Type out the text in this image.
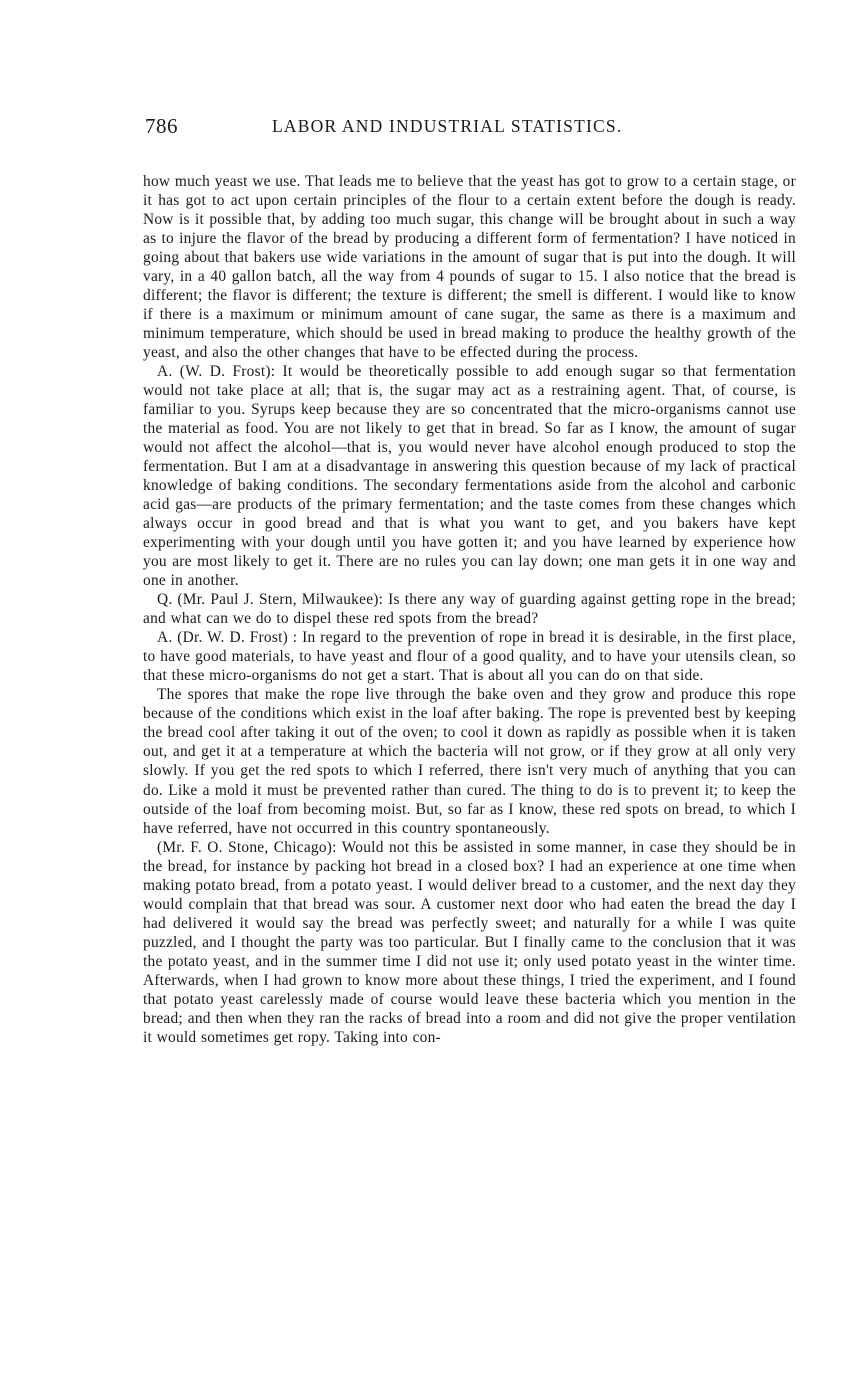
786	LABOR AND INDUSTRIAL STATISTICS.

how much yeast we use. That leads me to believe that the yeast has got to grow to a certain stage, or it has got to act upon certain principles of the flour to a certain extent before the dough is ready. Now is it possible that, by adding too much sugar, this change will be brought about in such a way as to injure the flavor of the bread by producing a different form of fermentation? I have noticed in going about that bakers use wide variations in the amount of sugar that is put into the dough. It will vary, in a 40 gallon batch, all the way from 4 pounds of sugar to 15. I also notice that the bread is different; the flavor is different; the texture is different; the smell is different. I would like to know if there is a maximum or minimum amount of cane sugar, the same as there is a maximum and minimum temperature, which should be used in bread making to produce the healthy growth of the yeast, and also the other changes that have to be effected during the process.

A. (W. D. Frost): It would be theoretically possible to add enough sugar so that fermentation would not take place at all; that is, the sugar may act as a restraining agent. That, of course, is familiar to you. Syrups keep because they are so concentrated that the micro-organisms cannot use the material as food. You are not likely to get that in bread. So far as I know, the amount of sugar would not affect the alcohol—that is, you would never have alcohol enough produced to stop the fermentation. But I am at a disadvantage in answering this question because of my lack of practical knowledge of baking conditions. The secondary fermentations aside from the alcohol and carbonic acid gas—are products of the primary fermentation; and the taste comes from these changes which always occur in good bread and that is what you want to get, and you bakers have kept experimenting with your dough until you have gotten it; and you have learned by experience how you are most likely to get it. There are no rules you can lay down; one man gets it in one way and one in another.

Q. (Mr. Paul J. Stern, Milwaukee): Is there any way of guarding against getting rope in the bread; and what can we do to dispel these red spots from the bread?

A. (Dr. W. D. Frost) : In regard to the prevention of rope in bread it is desirable, in the first place, to have good materials, to have yeast and flour of a good quality, and to have your utensils clean, so that these micro-organisms do not get a start. That is about all you can do on that side.

The spores that make the rope live through the bake oven and they grow and produce this rope because of the conditions which exist in the loaf after baking. The rope is prevented best by keeping the bread cool after taking it out of the oven; to cool it down as rapidly as possible when it is taken out, and get it at a temperature at which the bacteria will not grow, or if they grow at all only very slowly. If you get the red spots to which I referred, there isn't very much of anything that you can do. Like a mold it must be prevented rather than cured. The thing to do is to prevent it; to keep the outside of the loaf from becoming moist. But, so far as I know, these red spots on bread, to which I have referred, have not occurred in this country spontaneously.

(Mr. F. O. Stone, Chicago): Would not this be assisted in some manner, in case they should be in the bread, for instance by packing hot bread in a closed box? I had an experience at one time when making potato bread, from a potato yeast. I would deliver bread to a customer, and the next day they would complain that that bread was sour. A customer next door who had eaten the bread the day I had delivered it would say the bread was perfectly sweet; and naturally for a while I was quite puzzled, and I thought the party was too particular. But I finally came to the conclusion that it was the potato yeast, and in the summer time I did not use it; only used potato yeast in the winter time. Afterwards, when I had grown to know more about these things, I tried the experiment, and I found that potato yeast carelessly made of course would leave these bacteria which you mention in the bread; and then when they ran the racks of bread into a room and did not give the proper ventilation it would sometimes get ropy. Taking into con-
